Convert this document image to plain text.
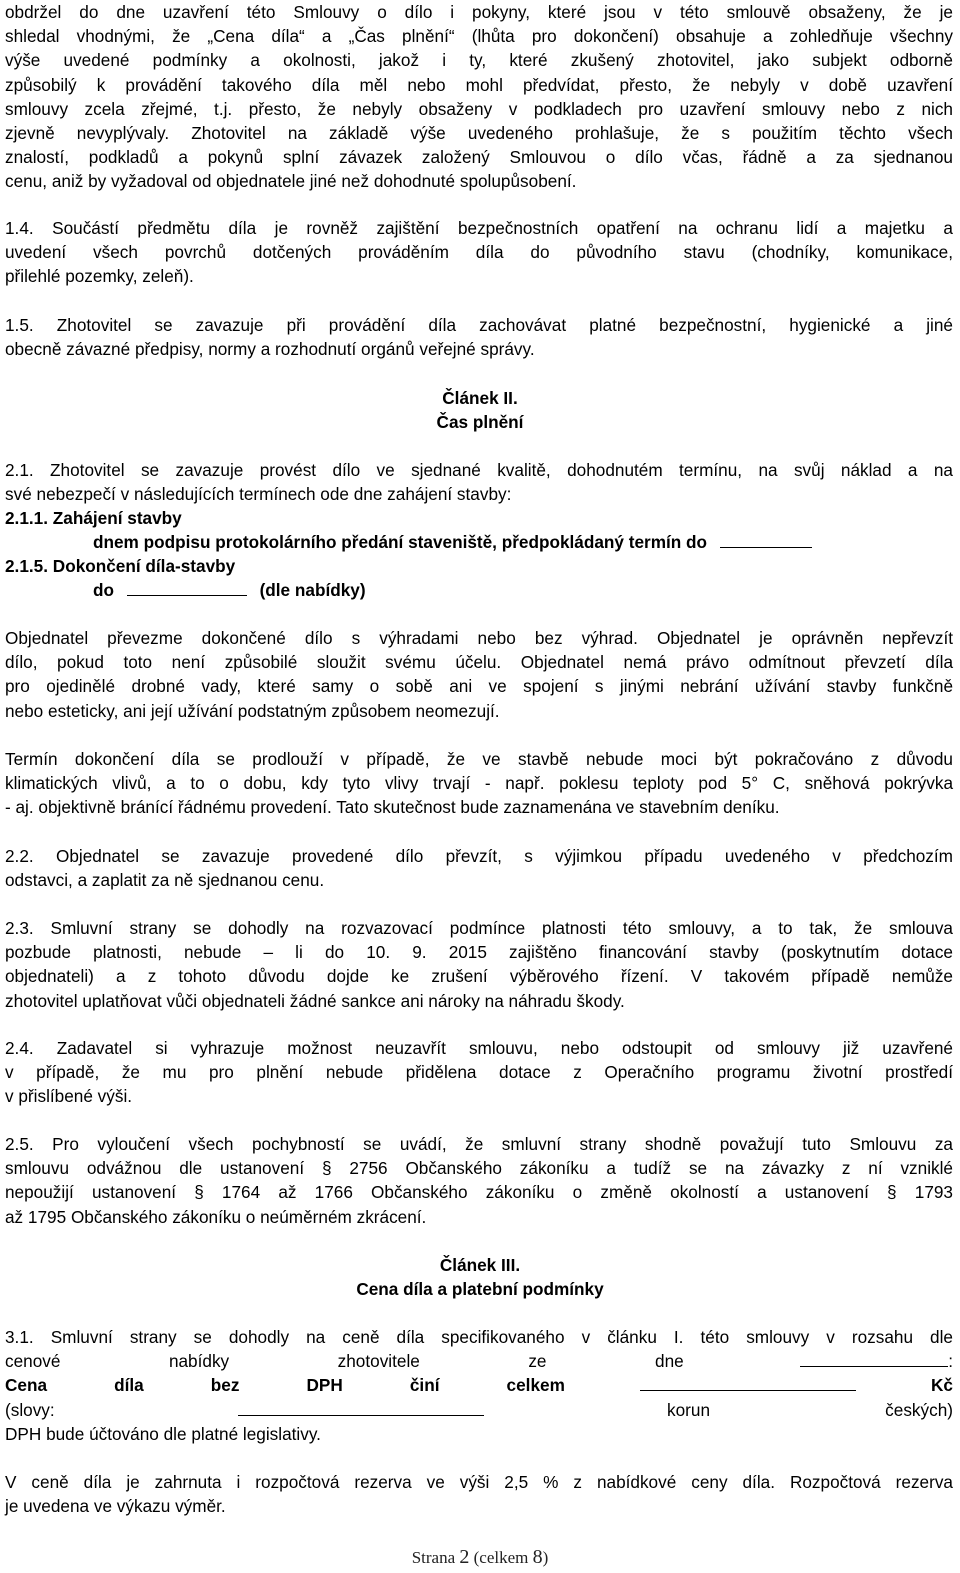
obdržel do dne uzavření této Smlouvy o dílo i pokyny, které jsou v této smlouvě obsaženy, že je
shledal vhodnými, že „Cena díla“ a „Čas plnění“ (lhůta pro dokončení) obsahuje a zohledňuje všechny
výše uvedené podmínky a okolnosti, jakož i ty, které zkušený zhotovitel, jako subjekt odborně
způsobilý k provádění takového díla měl nebo mohl předvídat, přesto, že nebyly v době uzavření
smlouvy zcela zřejmé, t.j. přesto, že nebyly obsaženy v podkladech pro uzavření smlouvy nebo z nich
zjevně nevyplývaly. Zhotovitel na základě výše uvedeného prohlašuje, že s použitím těchto všech
znalostí, podkladů a pokynů splní závazek založený Smlouvou o dílo včas, řádně a za sjednanou
cenu, aniž by vyžadoval od objednatele jiné než dohodnuté spolupůsobení.
1.4. Součástí předmětu díla je rovněž zajištění bezpečnostních opatření na ochranu lidí a majetku a
uvedení všech povrchů dotčených prováděním díla do původního stavu (chodníky, komunikace,
přilehlé pozemky, zeleň).
1.5. Zhotovitel se zavazuje při provádění díla zachovávat platné bezpečnostní, hygienické a jiné
obecně závazné předpisy, normy a rozhodnutí orgánů veřejné správy.

Článek II.

Čas plnění

2.1. Zhotovitel se zavazuje provést dílo ve sjednané kvalitě, dohodnutém termínu, na svůj náklad a na
své nebezpečí v následujících termínech ode dne zahájení stavby:

2.1.1. Zahájení stavby

dnem podpisu protokolárního předání staveniště, předpokládaný termín do

2.1.5. Dokončení díla-stavby

do	(dle nabídky)

Objednatel převezme dokončené dílo s výhradami nebo bez výhrad. Objednatel je oprávněn nepřevzít
dílo, pokud toto není způsobilé sloužit svému účelu. Objednatel nemá právo odmítnout převzetí díla
pro ojedinělé drobné vady, které samy o sobě ani ve spojení s jinými nebrání užívání stavby funkčně
nebo esteticky, ani její užívání podstatným způsobem neomezují.
Termín dokončení díla se prodlouží v případě, že ve stavbě nebude moci být pokračováno z důvodu
klimatických vlivů, a to o dobu, kdy tyto vlivy trvají - např. poklesu teploty pod 5° C, sněhová pokrývka
- aj. objektivně bránící řádnému provedení. Tato skutečnost bude zaznamenána ve stavebním deníku.
2.2. Objednatel se zavazuje provedené dílo převzít, s výjimkou případu uvedeného v předchozím
odstavci, a zaplatit za ně sjednanou cenu.
2.3. Smluvní strany se dohodly na rozvazovací podmínce platnosti této smlouvy, a to tak, že smlouva
pozbude platnosti, nebude – li do 10. 9. 2015 zajištěno financování stavby (poskytnutím dotace
objednateli) a z tohoto důvodu dojde ke zrušení výběrového řízení. V takovém případě nemůže
zhotovitel uplatňovat vůči objednateli žádné sankce ani nároky na náhradu škody.
2.4. Zadavatel si vyhrazuje možnost neuzavřít smlouvu, nebo odstoupit od smlouvy již uzavřené
v případě, že mu pro plnění nebude přidělena dotace z Operačního programu životní prostředí
v přislíbené výši.
2.5. Pro vyloučení všech pochybností se uvádí, že smluvní strany shodně považují tuto Smlouvu za
smlouvu odvážnou dle ustanovení § 2756 Občanského zákoníku a tudíž se na závazky z ní vzniklé
nepoužijí ustanovení § 1764 až 1766 Občanského zákoníku o změně okolností a ustanovení § 1793
až 1795 Občanského zákoníku o neúměrném zkrácení.

Článek III.

Cena díla a platební podmínky

3.1. Smluvní strany se dohodly na ceně díla specifikovaného v článku I. této smlouvy v rozsahu dle
cenové nabídky zhotovitele ze dne	:
Cena díla bez DPH činí celkem	Kč
(slovy:	korun českých)
DPH bude účtováno dle platné legislativy.
V ceně díla je zahrnuta i rozpočtová rezerva ve výši 2,5 % z nabídkové ceny díla. Rozpočtová rezerva
je uvedena ve výkazu výměr.
Strana 2 (celkem 8)
